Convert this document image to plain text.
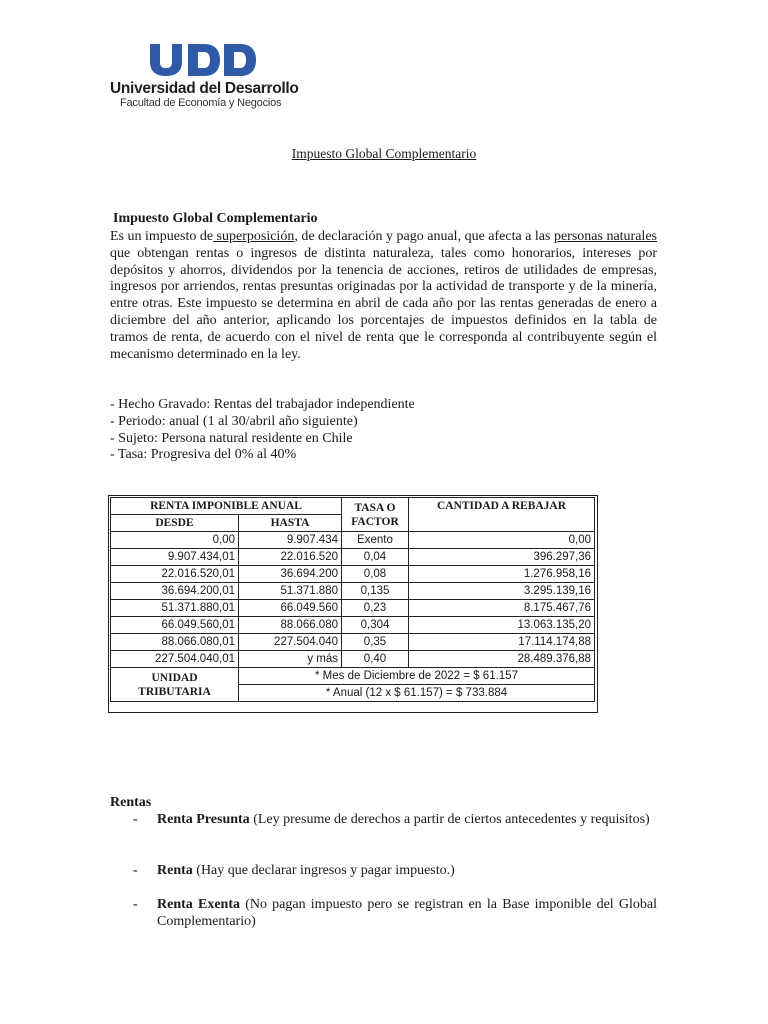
Universidad del Desarrollo
Facultad de Economía y Negocios
Impuesto Global Complementario
Impuesto Global Complementario
Es un impuesto de superposición, de declaración y pago anual, que afecta a las personas naturales que obtengan rentas o ingresos de distinta naturaleza, tales como honorarios, intereses por depósitos y ahorros, dividendos por la tenencia de acciones, retiros de utilidades de empresas, ingresos por arriendos, rentas presuntas originadas por la actividad de transporte y de la minería, entre otras. Este impuesto se determina en abril de cada año por las rentas generadas de enero a diciembre del año anterior, aplicando los porcentajes de impuestos definidos en la tabla de tramos de renta, de acuerdo con el nivel de renta que le corresponda al contribuyente según el mecanismo determinado en la ley.
- Hecho Gravado: Rentas del trabajador independiente
- Periodo: anual (1 al 30/abril año siguiente)
- Sujeto: Persona natural residente en Chile
- Tasa: Progresiva del 0% al 40%
RENTA IMPONIBLE ANUAL		TASA O FACTOR	CANTIDAD A REBAJAR
DESDE	HASTA		
0,00	9.907.434	Exento	0,00
9.907.434,01	22.016.520	0,04	396.297,36
22.016.520,01	36.694.200	0,08	1.276.958,16
36.694.200,01	51.371.880	0,135	3.295.139,16
51.371.880,01	66.049.560	0,23	8.175.467,76
66.049.560,01	88.066.080	0,304	13.063.135,20
88.066.080,01	227.504.040	0,35	17.114.174,88
227.504.040,01	y más	0,40	28.489.376,88
UNIDAD TRIBUTARIA	* Mes de Diciembre de 2022 = $ 61.157		
	* Anual (12 x $ 61.157) = $ 733.884		
Rentas
- Renta Presunta (Ley presume de derechos a partir de ciertos antecedentes y requisitos)
- Renta (Hay que declarar ingresos y pagar impuesto.)
- Renta Exenta (No pagan impuesto pero se registran en la Base imponible del Global Complementario)
